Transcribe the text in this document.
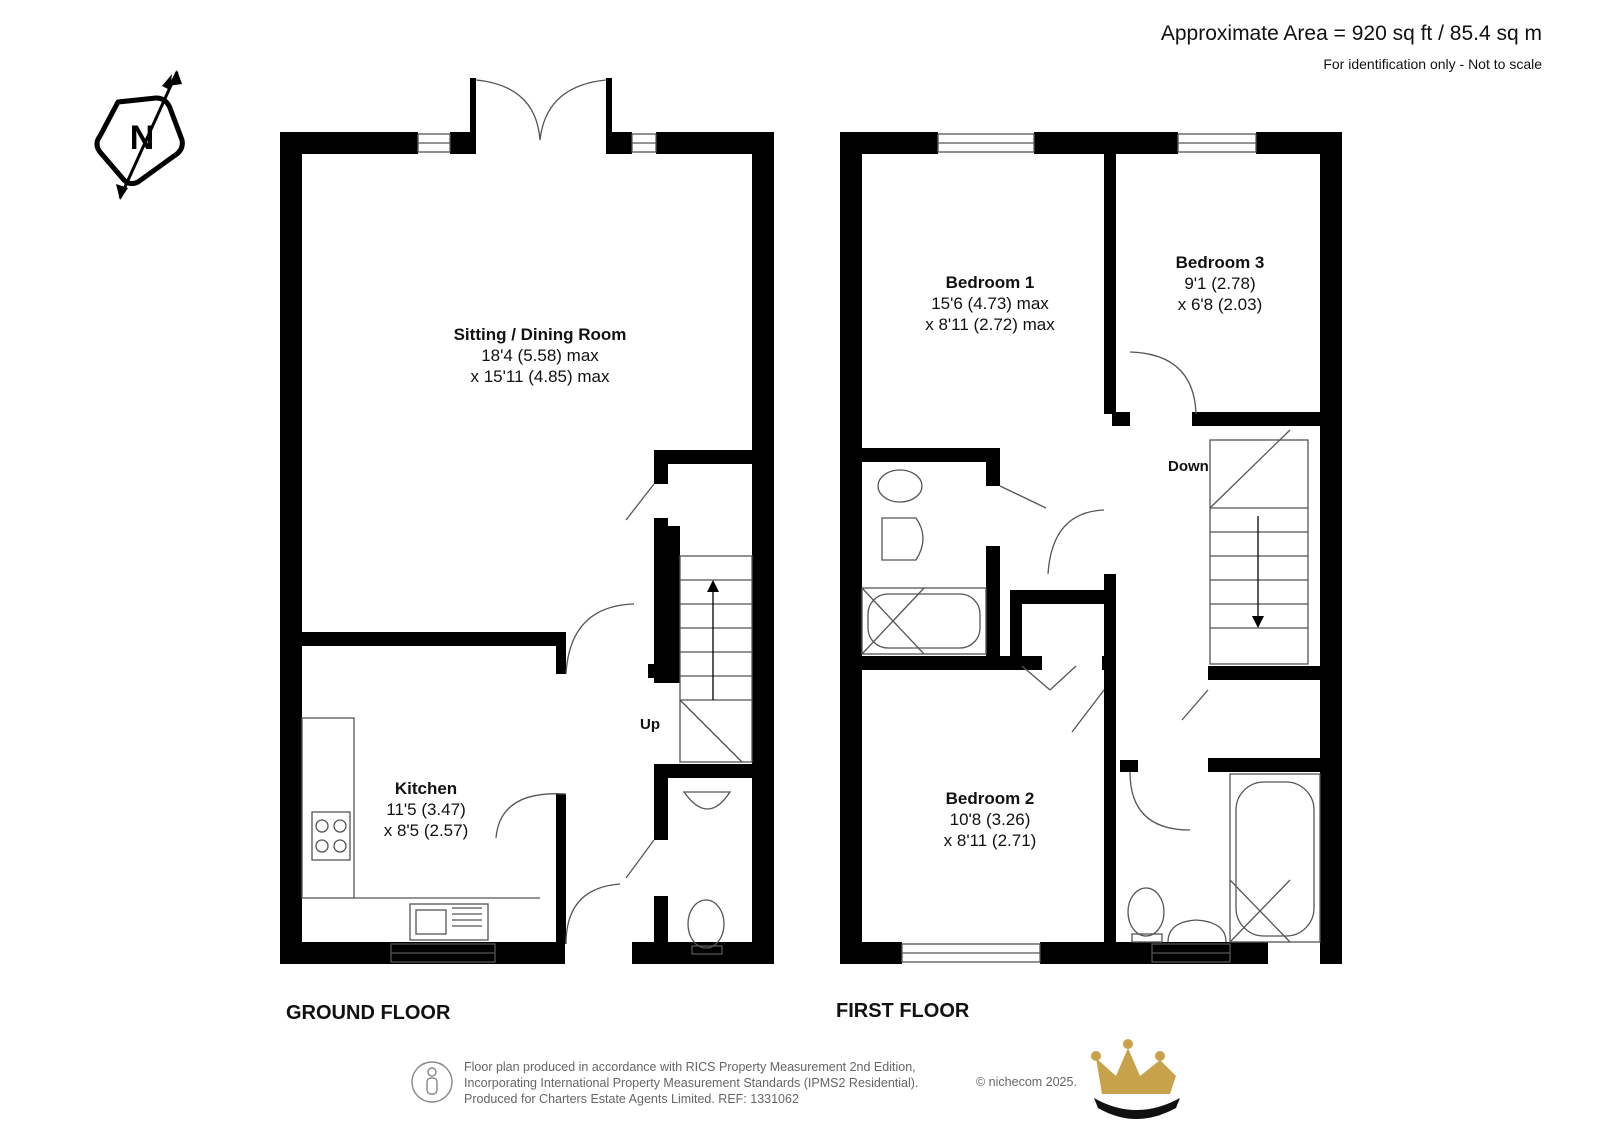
Approximate Area = 920 sq ft / 85.4 sq m
For identification only - Not to scale
N
Sitting / Dining Room
18'4 (5.58) max
x 15'11 (4.85) max
Kitchen
11'5 (3.47)
x 8'5 (2.57)
Up
GROUND FLOOR
Bedroom 1
15'6 (4.73) max
x 8'11 (2.72) max
Bedroom 3
9'1 (2.78)
x 6'8 (2.03)
Bedroom 2
10'8 (3.26)
x 8'11 (2.71)
Down
FIRST FLOOR
Floor plan produced in accordance with RICS Property Measurement 2nd Edition,
Incorporating International Property Measurement Standards (IPMS2 Residential).
Produced for Charters Estate Agents Limited. REF: 1331062
© nichecom 2025.
